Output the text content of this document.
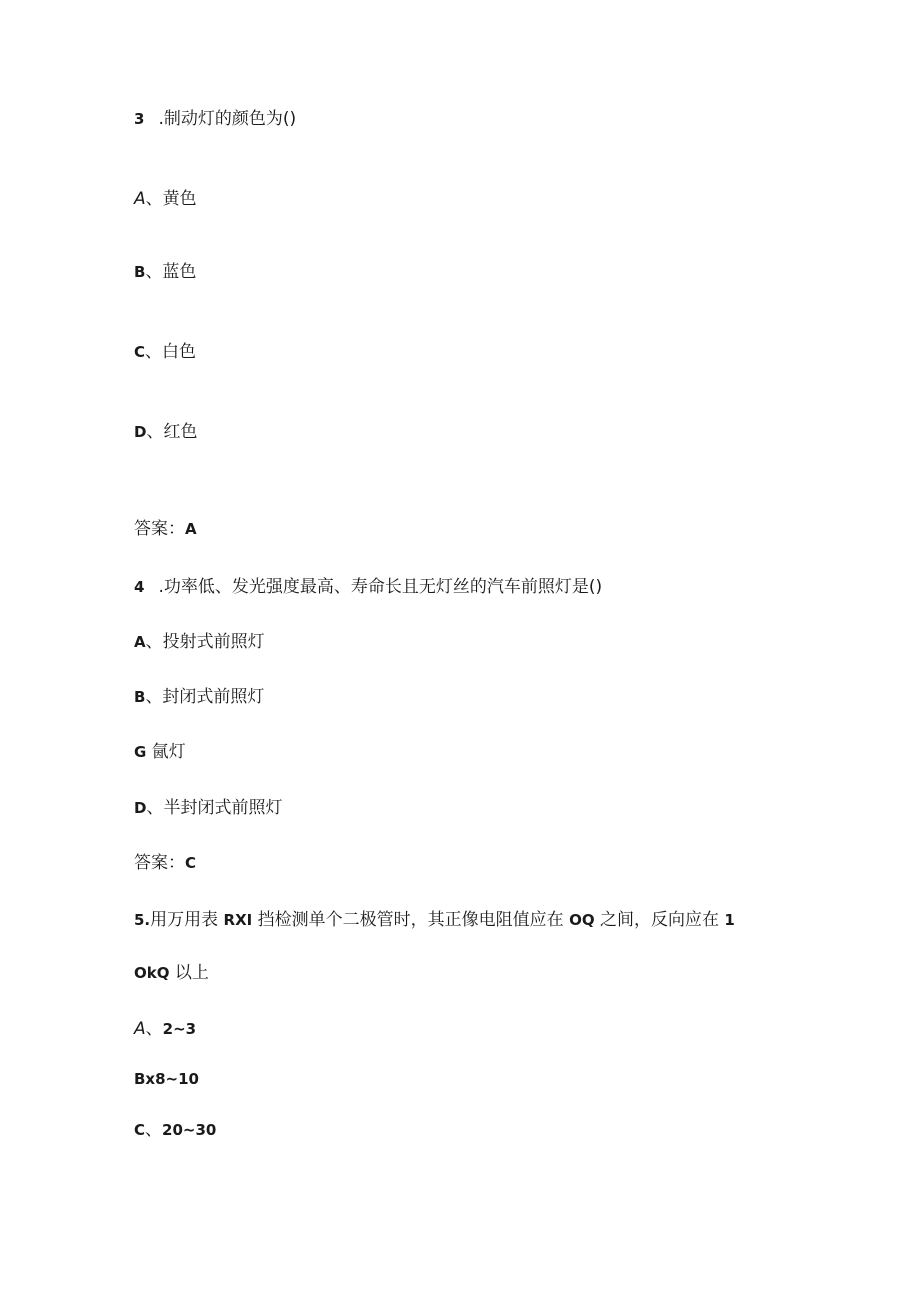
3 .制动灯的颜色为()
A、黄色
B、蓝色
C、白色
D、红色
答案：A
4 .功率低、发光强度最高、寿命长且无灯丝的汽车前照灯是()
A、投射式前照灯
B、封闭式前照灯
G 氤灯
D、半封闭式前照灯
答案：C
5.用万用表 RXI 挡检测单个二极管时，其正像电阻值应在 OQ 之间，反向应在 1
OkQ 以上
A、2~3
Bx8~10
C、20~30
